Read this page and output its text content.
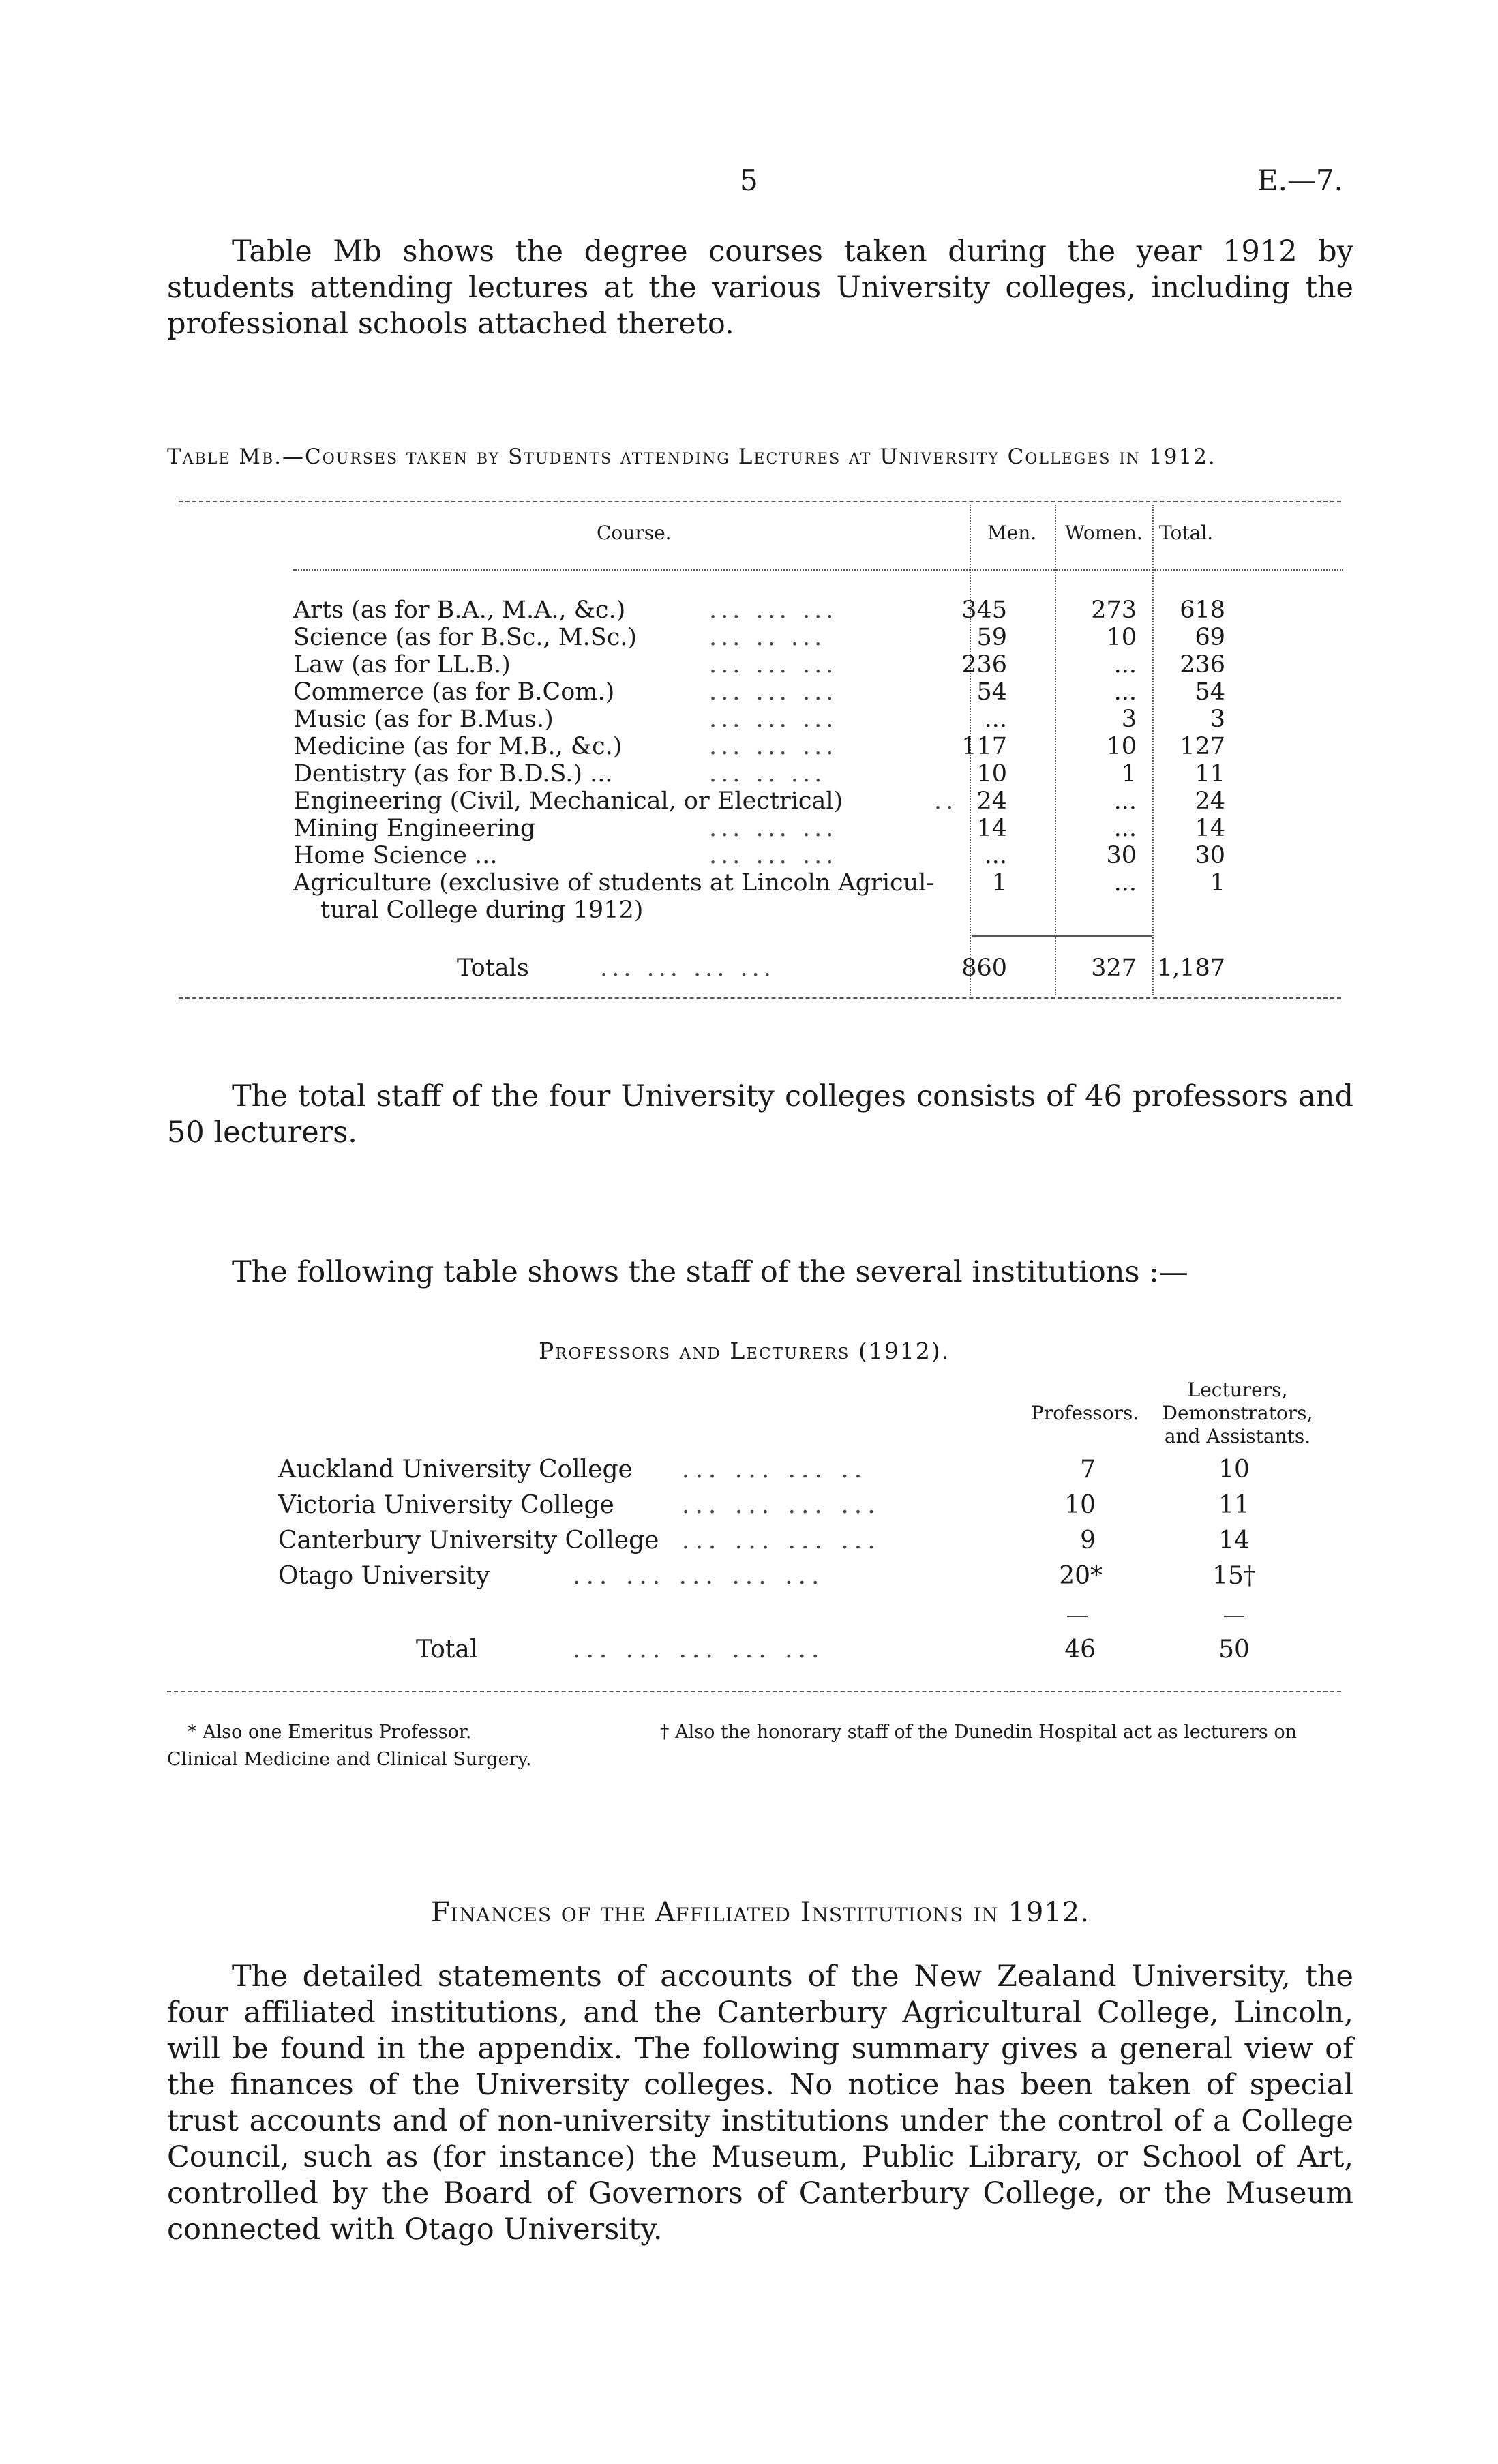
5	E.—7.

Table Mb shows the degree courses taken during the year 1912 by students attending lectures at the various University colleges, including the professional schools attached thereto.

Table Mb.—Courses taken by Students attending Lectures at University Colleges in 1912.
Course.	Men. Women. Total.
Arts (as for B.A., M.A., &c.)	... ... ...	345	273 618
Science (as for B.Sc., M.Sc.)	... .. ...	59	10 69
Law (as for LL.B.)	... ... ...	236	... 236
Commerce (as for B.Com.)	... ... ...	54	... 54
Music (as for B.Mus.)	... ... ...	...	3	3
Medicine (as for M.B., &c.)	... ... ...	117	10 127
Dentistry (as for B.D.S.) ...	... .. ...	10	1 11
Engineering (Civil, Mechanical, or Electrical)	.. 24	... 24
Mining Engineering	... ... ...	14	... 14
Home Science ...	... ... ...	...	30 30
Agriculture (exclusive of students at Lincoln Agricul- 1	...	1
tural College during 1912)
Totals	... ... ... ...	860	327 1,187

The total staff of the four University colleges consists of 46 professors and 50 lecturers.

The following table shows the staff of the several institutions :—

Professors and Lecturers (1912).
Professors.
Lecturers,
Demonstrators,
and Assistants.
Auckland University College ... ... ... ..	7	10
Victoria University College	... ... ... ...	10	11
Canterbury University College ... ... ... ...	9	14
Otago University	... ... ... ... ...	20*	15†
Total	... ... ... ... ...	46	50
* Also one Emeritus Professor.	† Also the honorary staff of the Dunedin Hospital act as lecturers on
Clinical Medicine and Clinical Surgery.
Finances of the Affiliated Institutions in 1912.

The detailed statements of accounts of the New Zealand University, the four affiliated institutions, and the Canterbury Agricultural College, Lincoln, will be found in the appendix. The following summary gives a general view of the finances of the University colleges. No notice has been taken of special trust accounts and of non-university institutions under the control of a College Council, such as (for instance) the Museum, Public Library, or School of Art, controlled by the Board of Governors of Canterbury College, or the Museum connected with Otago University.
